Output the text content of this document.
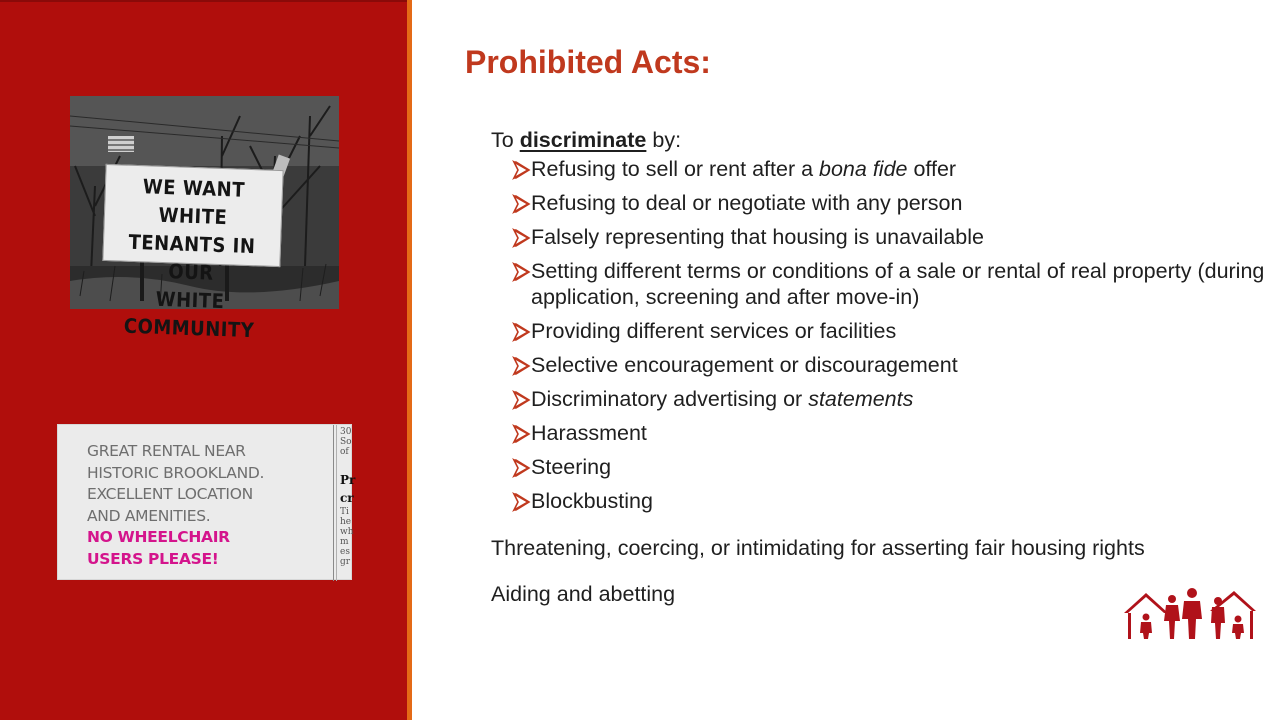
WE WANT WHITE
TENANTS IN OUR
WHITE COMMUNITY
GREAT RENTAL NEAR
HISTORIC BROOKLAND.
EXCELLENT LOCATION
AND AMENITIES.
NO WHEELCHAIR
USERS PLEASE!
30
So
of
Pr
cr
Ti
he
wh
m
es
gr
Prohibited Acts:
To discriminate by:
Refusing to sell or rent after a bona fide offer
Refusing to deal or negotiate with any person
Falsely representing that housing is unavailable
Setting different terms or conditions of a sale or rental of real property (during application, screening and after move-in)
Providing different services or facilities
Selective encouragement or discouragement
Discriminatory advertising or statements
Harassment
Steering
Blockbusting
Threatening, coercing, or intimidating for asserting fair housing rights
Aiding and abetting
